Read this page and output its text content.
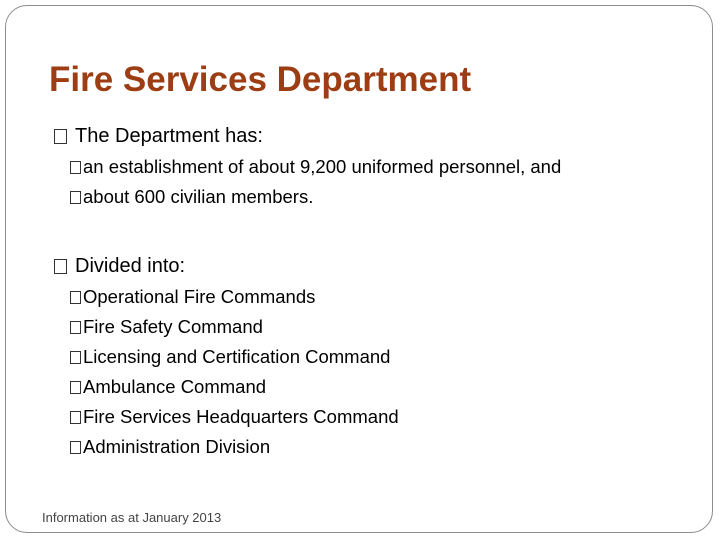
Fire Services Department
The Department has:
an establishment of about 9,200 uniformed personnel, and
about 600 civilian members.
Divided into:
Operational Fire Commands
Fire Safety Command
Licensing and Certification Command
Ambulance Command
Fire Services Headquarters Command
Administration Division
Information as at January 2013
